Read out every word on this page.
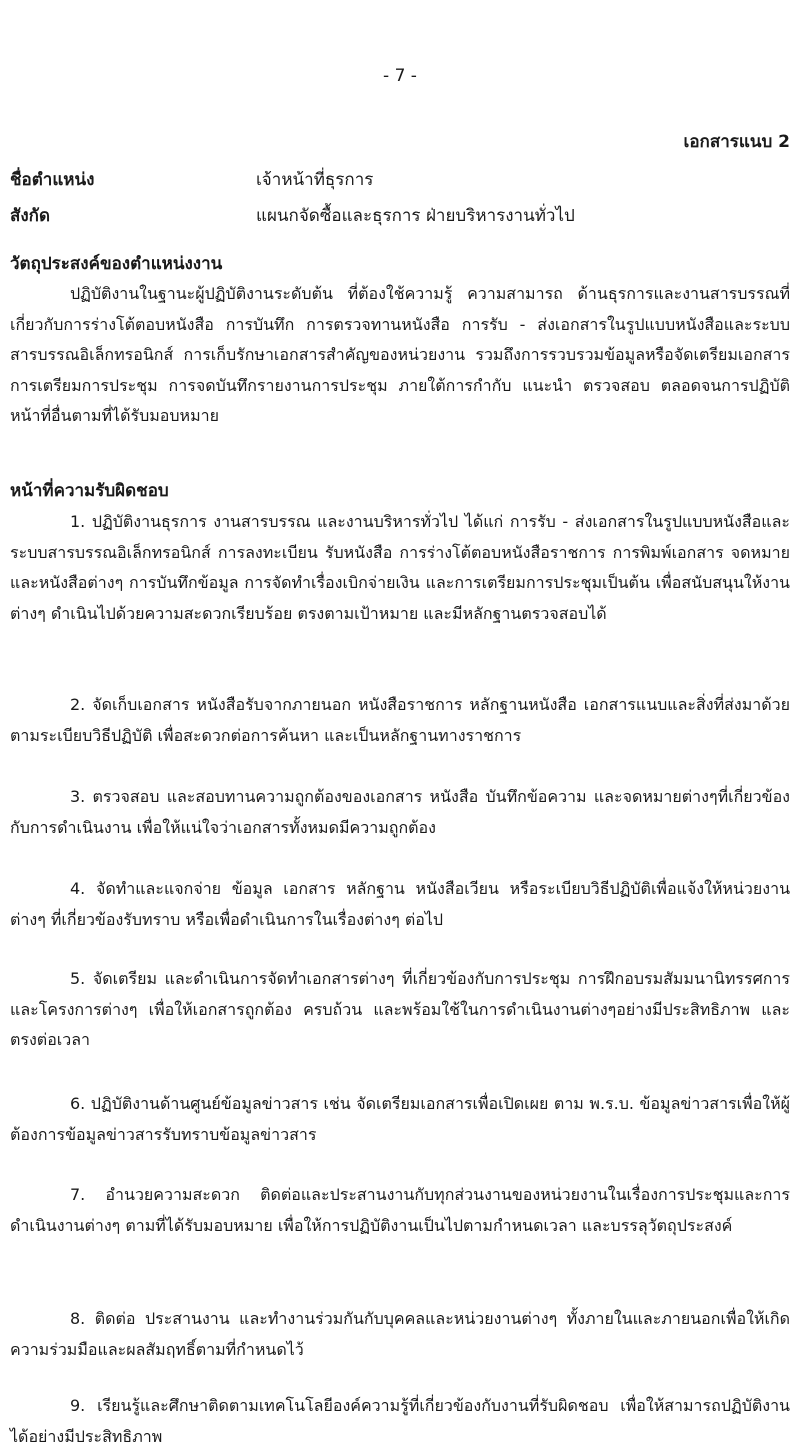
- 7 -
เอกสารแนบ 2
ชื่อตำแหน่ง	เจ้าหน้าที่ธุรการ
สังกัด	แผนกจัดซื้อและธุรการ ฝ่ายบริหารงานทั่วไป
วัตถุประสงค์ของตำแหน่งงาน

ปฏิบัติงานในฐานะผู้ปฏิบัติงานระดับต้น ที่ต้องใช้ความรู้ ความสามารถ ด้านธุรการและงานสารบรรณที่เกี่ยวกับการร่างโต้ตอบหนังสือ การบันทึก การตรวจทานหนังสือ การรับ - ส่งเอกสารในรูปแบบหนังสือและระบบสารบรรณอิเล็กทรอนิกส์ การเก็บรักษาเอกสารสำคัญของหน่วยงาน รวมถึงการรวบรวมข้อมูลหรือจัดเตรียมเอกสาร การเตรียมการประชุม การจดบันทึกรายงานการประชุม ภายใต้การกำกับ แนะนำ ตรวจสอบ ตลอดจนการปฏิบัติหน้าที่อื่นตามที่ได้รับมอบหมาย

หน้าที่ความรับผิดชอบ

1. ปฏิบัติงานธุรการ งานสารบรรณ และงานบริหารทั่วไป ได้แก่ การรับ - ส่งเอกสารในรูปแบบหนังสือและระบบสารบรรณอิเล็กทรอนิกส์ การลงทะเบียน รับหนังสือ การร่างโต้ตอบหนังสือราชการ การพิมพ์เอกสาร จดหมาย และหนังสือต่างๆ การบันทึกข้อมูล การจัดทำเรื่องเบิกจ่ายเงิน และการเตรียมการประชุมเป็นต้น เพื่อสนับสนุนให้งานต่างๆ ดำเนินไปด้วยความสะดวกเรียบร้อย ตรงตามเป้าหมาย และมีหลักฐานตรวจสอบได้

2. จัดเก็บเอกสาร หนังสือรับจากภายนอก หนังสือราชการ หลักฐานหนังสือ เอกสารแนบและสิ่งที่ส่งมาด้วย ตามระเบียบวิธีปฏิบัติ เพื่อสะดวกต่อการค้นหา และเป็นหลักฐานทางราชการ

3. ตรวจสอบ และสอบทานความถูกต้องของเอกสาร หนังสือ บันทึกข้อความ และจดหมายต่างๆที่เกี่ยวข้องกับการดำเนินงาน เพื่อให้แน่ใจว่าเอกสารทั้งหมดมีความถูกต้อง

4. จัดทำและแจกจ่าย ข้อมูล เอกสาร หลักฐาน หนังสือเวียน หรือระเบียบวิธีปฏิบัติเพื่อแจ้งให้หน่วยงานต่างๆ ที่เกี่ยวข้องรับทราบ หรือเพื่อดำเนินการในเรื่องต่างๆ ต่อไป

5. จัดเตรียม และดำเนินการจัดทำเอกสารต่างๆ ที่เกี่ยวข้องกับการประชุม การฝึกอบรมสัมมนานิทรรศการ และโครงการต่างๆ เพื่อให้เอกสารถูกต้อง ครบถ้วน และพร้อมใช้ในการดำเนินงานต่างๆอย่างมีประสิทธิภาพ และตรงต่อเวลา

6. ปฏิบัติงานด้านศูนย์ข้อมูลข่าวสาร เช่น จัดเตรียมเอกสารเพื่อเปิดเผย ตาม พ.ร.บ. ข้อมูลข่าวสารเพื่อให้ผู้ต้องการข้อมูลข่าวสารรับทราบข้อมูลข่าวสาร

7. อำนวยความสะดวก ติดต่อและประสานงานกับทุกส่วนงานของหน่วยงานในเรื่องการประชุมและการดำเนินงานต่างๆ ตามที่ได้รับมอบหมาย เพื่อให้การปฏิบัติงานเป็นไปตามกำหนดเวลา และบรรลุวัตถุประสงค์

8. ติดต่อ ประสานงาน และทำงานร่วมกันกับบุคคลและหน่วยงานต่างๆ ทั้งภายในและภายนอกเพื่อให้เกิดความร่วมมือและผลสัมฤทธิ์ตามที่กำหนดไว้

9. เรียนรู้และศึกษาติดตามเทคโนโลยีองค์ความรู้ที่เกี่ยวข้องกับงานที่รับผิดชอบ เพื่อให้สามารถปฏิบัติงานได้อย่างมีประสิทธิภาพ
